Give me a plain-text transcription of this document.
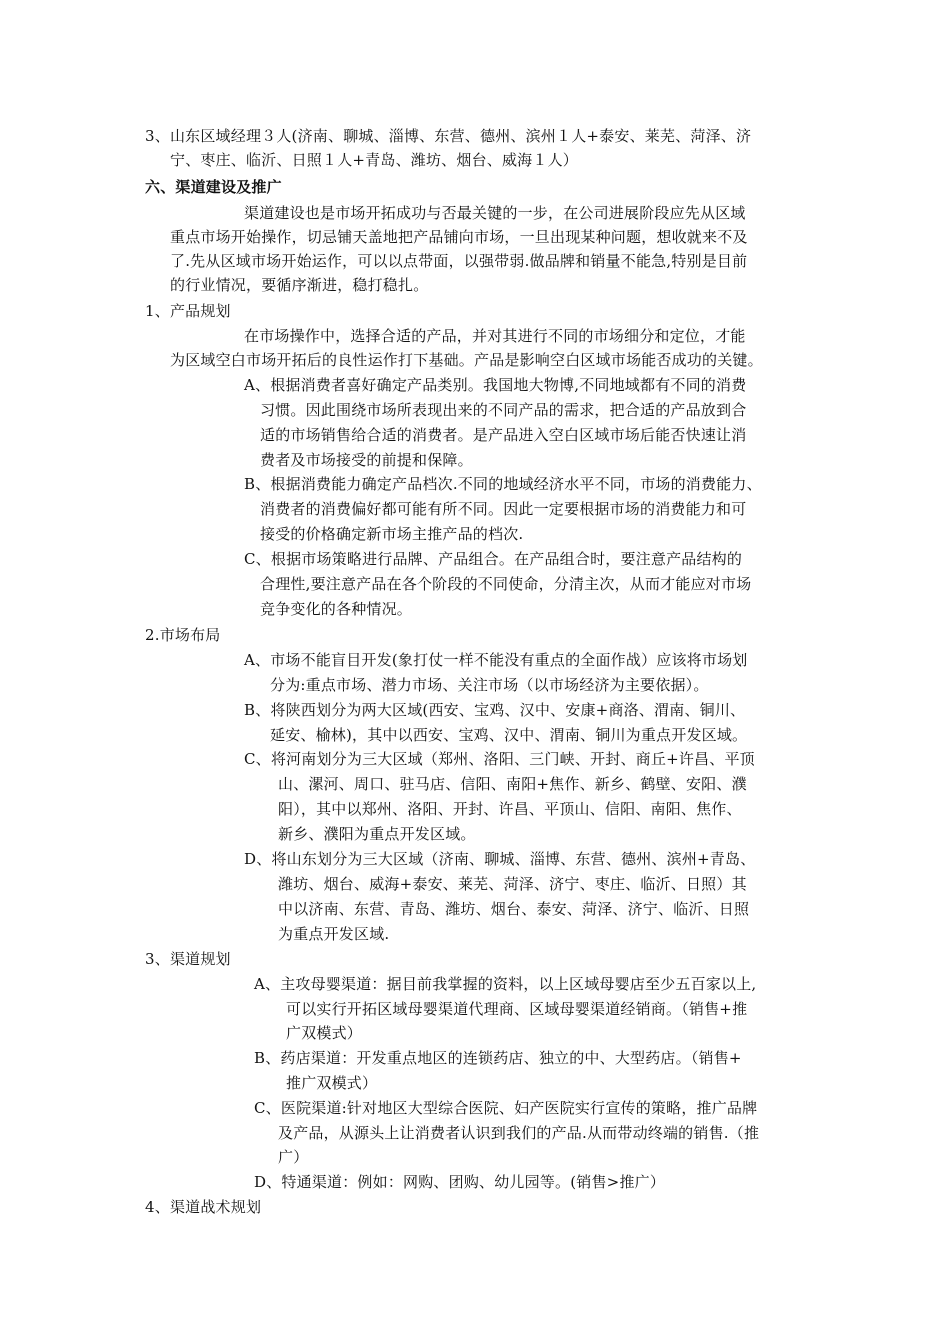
3、山东区域经理３人(济南、聊城、淄博、东营、德州、滨州１人+泰安、莱芜、菏泽、济
宁、枣庄、临沂、日照１人+青岛、潍坊、烟台、威海１人）
六、渠道建设及推广
渠道建设也是市场开拓成功与否最关键的一步，在公司进展阶段应先从区域
重点市场开始操作，切忌铺天盖地把产品铺向市场，一旦出现某种问题，想收就来不及
了.先从区域市场开始运作，可以以点带面，以强带弱.做品牌和销量不能急,特别是目前
的行业情况，要循序渐进，稳打稳扎。
1、产品规划
在市场操作中，选择合适的产品，并对其进行不同的市场细分和定位，才能
为区域空白市场开拓后的良性运作打下基础。产品是影响空白区域市场能否成功的关键。
A、根据消费者喜好确定产品类别。我国地大物博,不同地域都有不同的消费
习惯。因此围绕市场所表现出来的不同产品的需求，把合适的产品放到合
适的市场销售给合适的消费者。是产品进入空白区域市场后能否快速让消
费者及市场接受的前提和保障。
B、根据消费能力确定产品档次.不同的地域经济水平不同，市场的消费能力、
消费者的消费偏好都可能有所不同。因此一定要根据市场的消费能力和可
接受的价格确定新市场主推产品的档次.
C、根据市场策略进行品牌、产品组合。在产品组合时，要注意产品结构的
合理性,要注意产品在各个阶段的不同使命，分清主次，从而才能应对市场
竞争变化的各种情况。
2.市场布局
A、市场不能盲目开发(象打仗一样不能没有重点的全面作战）应该将市场划
分为:重点市场、潜力市场、关注市场（以市场经济为主要依据）。
B、将陕西划分为两大区域(西安、宝鸡、汉中、安康+商洛、渭南、铜川、
延安、榆林)，其中以西安、宝鸡、汉中、渭南、铜川为重点开发区域。
C、将河南划分为三大区域（郑州、洛阳、三门峡、开封、商丘+许昌、平顶
山、漯河、周口、驻马店、信阳、南阳+焦作、新乡、鹤壁、安阳、濮
阳），其中以郑州、洛阳、开封、许昌、平顶山、信阳、南阳、焦作、
新乡、濮阳为重点开发区域。
D、将山东划分为三大区域（济南、聊城、淄博、东营、德州、滨州+青岛、
潍坊、烟台、威海+泰安、莱芜、菏泽、济宁、枣庄、临沂、日照）其
中以济南、东营、青岛、潍坊、烟台、泰安、菏泽、济宁、临沂、日照
为重点开发区域.
3、渠道规划
A、主攻母婴渠道：据目前我掌握的资料，以上区域母婴店至少五百家以上,
可以实行开拓区域母婴渠道代理商、区域母婴渠道经销商。（销售+推
广双模式）
B、药店渠道：开发重点地区的连锁药店、独立的中、大型药店。（销售+
推广双模式）
C、医院渠道:针对地区大型综合医院、妇产医院实行宣传的策略，推广品牌
及产品，从源头上让消费者认识到我们的产品.从而带动终端的销售.（推
广）
D、特通渠道：例如：网购、团购、幼儿园等。(销售>推广）
4、渠道战术规划
